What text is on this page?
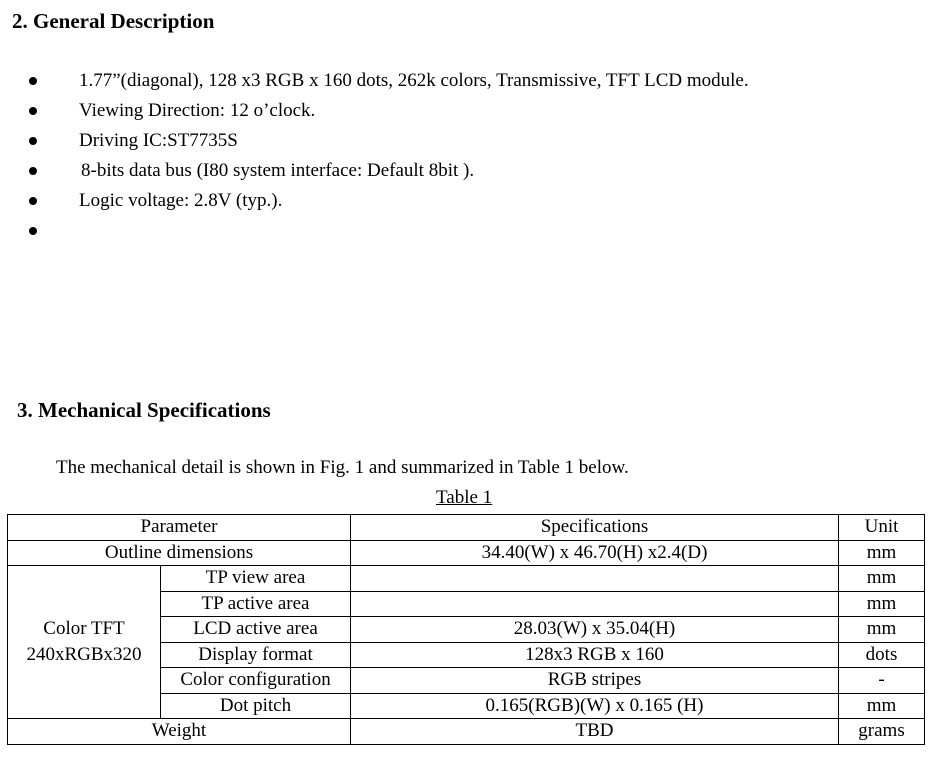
2. General Description
1.77”(diagonal), 128 x3 RGB x 160 dots, 262k colors, Transmissive, TFT LCD module.
Viewing Direction: 12 o’clock.
Driving IC:ST7735S
8-bits data bus (I80 system interface: Default 8bit ).
Logic voltage: 2.8V (typ.).
3. Mechanical Specifications
The mechanical detail is shown in Fig. 1 and summarized in Table 1 below.
Table 1
Parameter		Specifications	Unit
Outline dimensions		34.40(W) x 46.70(H) x2.4(D)	mm

Color TFT
240xRGBx320	TP view area		mm
	TP active area		mm
	LCD active area	28.03(W) x 35.04(H)	mm
	Display format	128x3 RGB x 160	dots
	Color configuration	RGB stripes	-
	Dot pitch	0.165(RGB)(W) x 0.165 (H)	mm
Weight		TBD	grams
